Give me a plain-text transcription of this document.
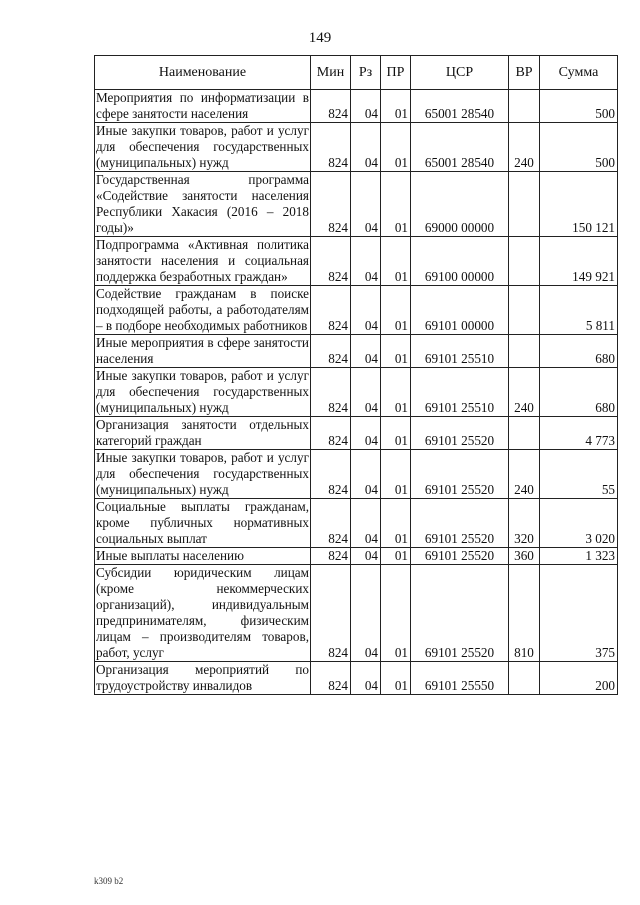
149
Наименование	Мин	Рз	ПР	ЦСР	ВР	Сумма
Мероприятия по информатизации в сфере занятости населения	824	04	01	65001 28540		500
Иные закупки товаров, работ и услуг для обеспечения государственных (муниципальных) нужд	824	04	01	65001 28540	240	500
Государственная программа «Содействие занятости населения Республики Хакасия (2016 – 2018 годы)»	824	04	01	69000 00000		150 121
Подпрограмма «Активная политика занятости населения и социальная поддержка безработных граждан»	824	04	01	69100 00000		149 921
Содействие гражданам в поиске подходящей работы, а работодателям – в подборе необходимых работников	824	04	01	69101 00000		5 811
Иные мероприятия в сфере занятости населения	824	04	01	69101 25510		680
Иные закупки товаров, работ и услуг для обеспечения государственных (муниципальных) нужд	824	04	01	69101 25510	240	680
Организация занятости отдельных категорий граждан	824	04	01	69101 25520		4 773
Иные закупки товаров, работ и услуг для обеспечения государственных (муниципальных) нужд	824	04	01	69101 25520	240	55
Социальные выплаты гражданам, кроме публичных нормативных социальных выплат	824	04	01	69101 25520	320	3 020
Иные выплаты населению	824	04	01	69101 25520	360	1 323
Субсидии юридическим лицам (кроме некоммерческих организаций), индивидуальным предпринимателям, физическим лицам – производителям товаров, работ, услуг	824	04	01	69101 25520	810	375
Организация мероприятий по трудоустройству инвалидов	824	04	01	69101 25550		200
k309 b2
